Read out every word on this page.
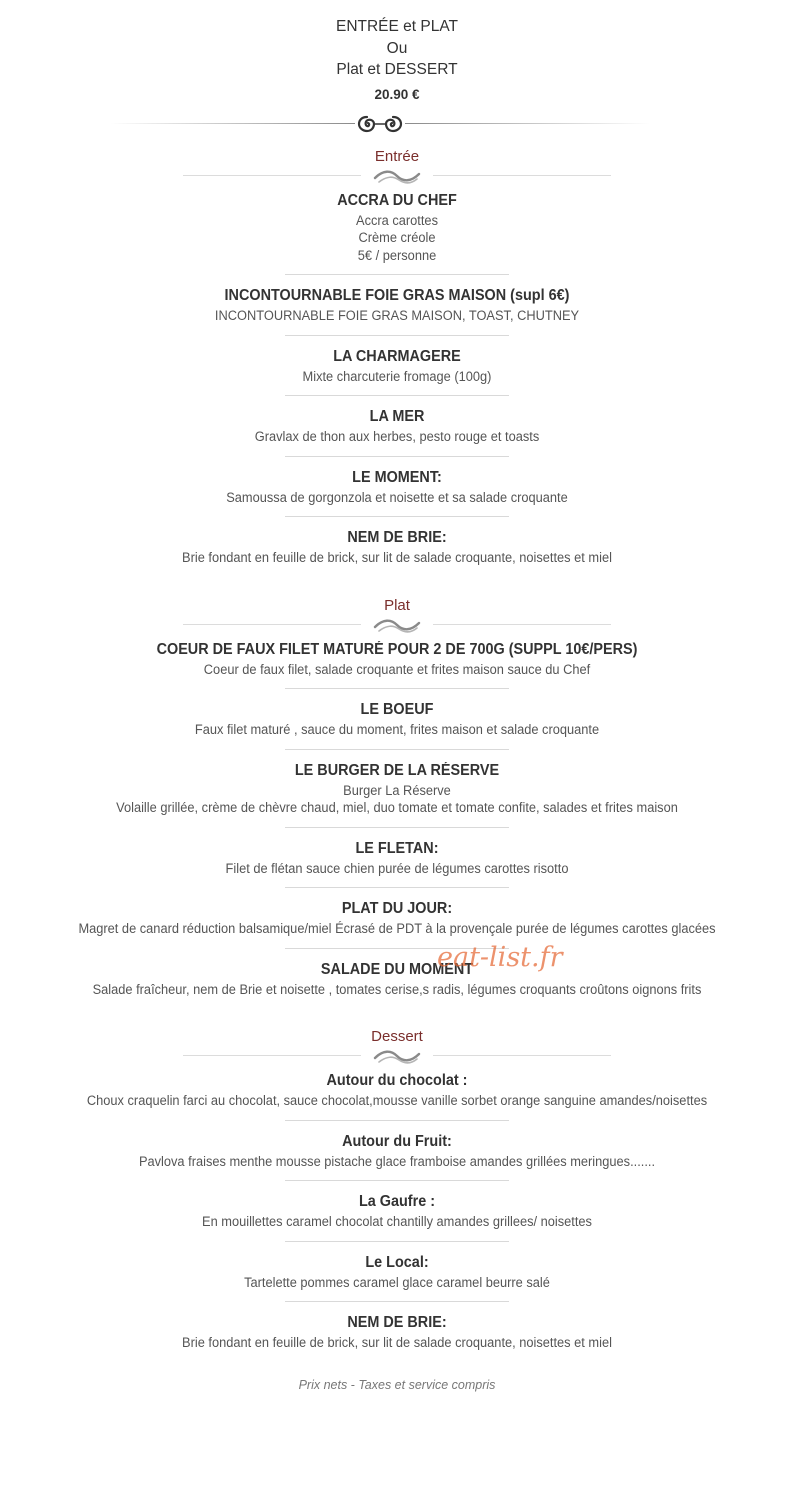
ENTRÉE et PLAT
Ou
Plat et DESSERT
20.90 €
Entrée
ACCRA DU CHEF
Accra carottes
Crème créole
5€ / personne
INCONTOURNABLE FOIE GRAS MAISON (supl 6€)
INCONTOURNABLE FOIE GRAS MAISON, TOAST, CHUTNEY
LA CHARMAGERE
Mixte charcuterie fromage (100g)
LA MER
Gravlax de thon aux herbes, pesto rouge et toasts
LE MOMENT:
Samoussa de gorgonzola et noisette et sa salade croquante
NEM DE BRIE:
Brie fondant en feuille de brick, sur lit de salade croquante, noisettes et miel
Plat
COEUR DE FAUX FILET MATURÉ POUR 2 DE 700G (SUPPL 10€/PERS)
Coeur de faux filet, salade croquante et frites maison sauce du Chef
LE BOEUF
Faux filet maturé , sauce du moment, frites maison et salade croquante
LE BURGER DE LA RÉSERVE
Burger La Réserve
Volaille grillée, crème de chèvre chaud, miel, duo tomate et tomate confite, salades et frites maison
LE FLETAN:
Filet de flétan sauce chien purée de légumes carottes risotto
PLAT DU JOUR:
Magret de canard réduction balsamique/miel Écrasé de PDT à la provençale purée de légumes carottes glacées
SALADE DU MOMENT
Salade fraîcheur, nem de Brie et noisette , tomates cerise,s radis, légumes croquants croûtons oignons frits
Dessert
Autour du chocolat :
Choux craquelin farci au chocolat, sauce chocolat,mousse vanille sorbet orange sanguine amandes/noisettes
Autour du Fruit:
Pavlova fraises menthe mousse pistache glace framboise amandes grillées meringues.......
La Gaufre :
En mouillettes caramel chocolat chantilly amandes grillees/ noisettes
Le Local:
Tartelette pommes caramel glace caramel beurre salé
NEM DE BRIE:
Brie fondant en feuille de brick, sur lit de salade croquante, noisettes et miel
Prix nets - Taxes et service compris
eat-list.fr
